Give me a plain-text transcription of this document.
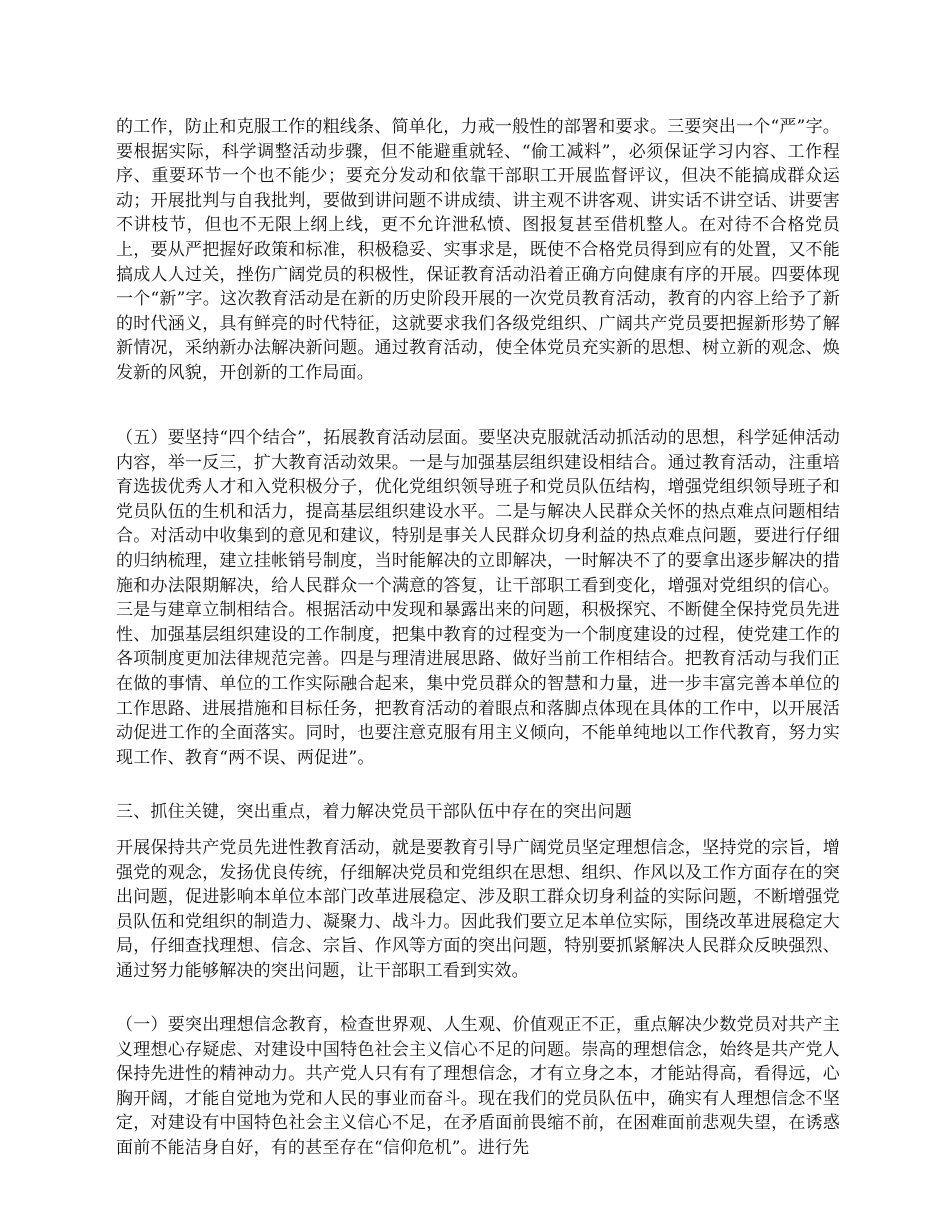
的工作，防止和克服工作的粗线条、简单化，力戒一般性的部署和要求。三要突出一个“严”字。要根据实际，科学调整活动步骤，但不能避重就轻、“偷工减料”，必须保证学习内容、工作程序、重要环节一个也不能少；要充分发动和依靠干部职工开展监督评议，但决不能搞成群众运动；开展批判与自我批判，要做到讲问题不讲成绩、讲主观不讲客观、讲实话不讲空话、讲要害不讲枝节，但也不无限上纲上线，更不允许泄私愤、图报复甚至借机整人。在对待不合格党员上，要从严把握好政策和标准，积极稳妥、实事求是，既使不合格党员得到应有的处置，又不能搞成人人过关，挫伤广阔党员的积极性，保证教育活动沿着正确方向健康有序的开展。四要体现一个“新”字。这次教育活动是在新的历史阶段开展的一次党员教育活动，教育的内容上给予了新的时代涵义，具有鲜亮的时代特征，这就要求我们各级党组织、广阔共产党员要把握新形势了解新情况，采纳新办法解决新问题。通过教育活动，使全体党员充实新的思想、树立新的观念、焕发新的风貌，开创新的工作局面。

（五）要坚持“四个结合”，拓展教育活动层面。要坚决克服就活动抓活动的思想，科学延伸活动内容，举一反三，扩大教育活动效果。一是与加强基层组织建设相结合。通过教育活动，注重培育选拔优秀人才和入党积极分子，优化党组织领导班子和党员队伍结构，增强党组织领导班子和党员队伍的生机和活力，提高基层组织建设水平。二是与解决人民群众关怀的热点难点问题相结合。对活动中收集到的意见和建议，特别是事关人民群众切身利益的热点难点问题，要进行仔细的归纳梳理，建立挂帐销号制度，当时能解决的立即解决，一时解决不了的要拿出逐步解决的措施和办法限期解决，给人民群众一个满意的答复，让干部职工看到变化，增强对党组织的信心。三是与建章立制相结合。根据活动中发现和暴露出来的问题，积极探究、不断健全保持党员先进性、加强基层组织建设的工作制度，把集中教育的过程变为一个制度建设的过程，使党建工作的各项制度更加法律规范完善。四是与理清进展思路、做好当前工作相结合。把教育活动与我们正在做的事情、单位的工作实际融合起来，集中党员群众的智慧和力量，进一步丰富完善本单位的工作思路、进展措施和目标任务，把教育活动的着眼点和落脚点体现在具体的工作中，以开展活动促进工作的全面落实。同时，也要注意克服有用主义倾向，不能单纯地以工作代教育，努力实现工作、教育“两不误、两促进”。

三、抓住关键，突出重点，着力解决党员干部队伍中存在的突出问题

开展保持共产党员先进性教育活动，就是要教育引导广阔党员坚定理想信念，坚持党的宗旨，增强党的观念，发扬优良传统，仔细解决党员和党组织在思想、组织、作风以及工作方面存在的突出问题，促进影响本单位本部门改革进展稳定、涉及职工群众切身利益的实际问题，不断增强党员队伍和党组织的制造力、凝聚力、战斗力。因此我们要立足本单位实际，围绕改革进展稳定大局，仔细查找理想、信念、宗旨、作风等方面的突出问题，特别要抓紧解决人民群众反映强烈、通过努力能够解决的突出问题，让干部职工看到实效。

（一）要突出理想信念教育，检查世界观、人生观、价值观正不正，重点解决少数党员对共产主义理想心存疑虑、对建设中国特色社会主义信心不足的问题。崇高的理想信念，始终是共产党人保持先进性的精神动力。共产党人只有有了理想信念，才有立身之本，才能站得高，看得远，心胸开阔，才能自觉地为党和人民的事业而奋斗。现在我们的党员队伍中，确实有人理想信念不坚定，对建设有中国特色社会主义信心不足，在矛盾面前畏缩不前，在困难面前悲观失望，在诱惑面前不能洁身自好，有的甚至存在“信仰危机”。进行先
